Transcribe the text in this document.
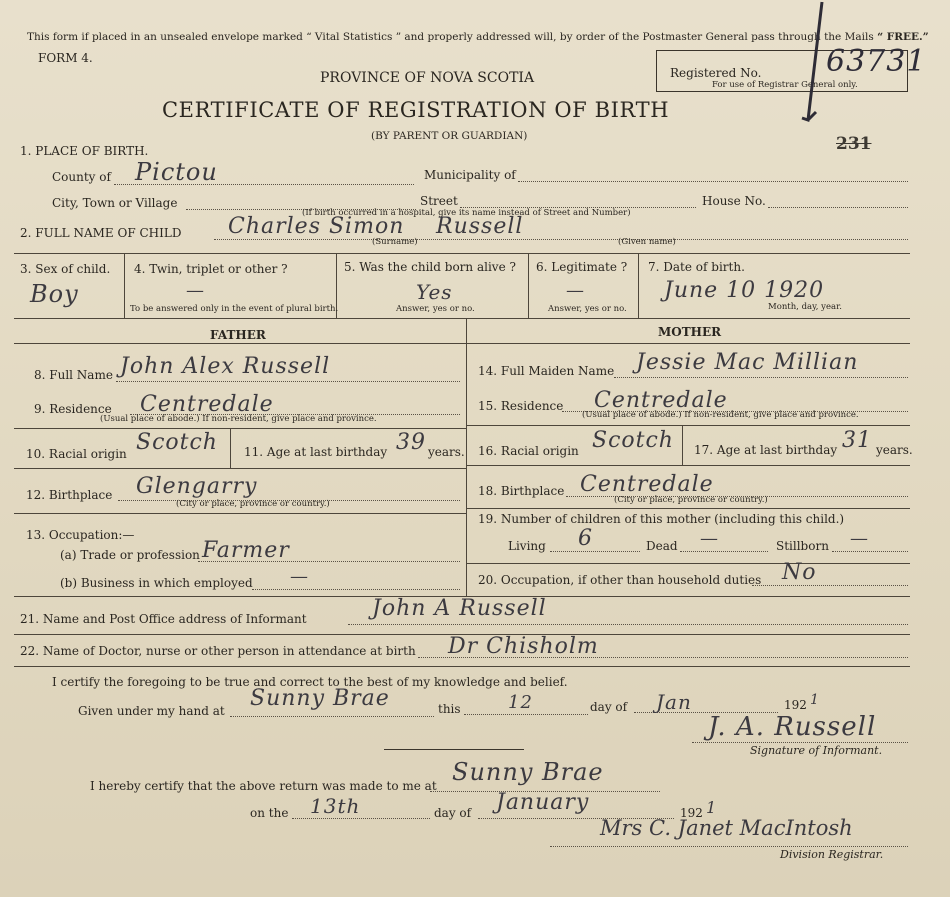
This form if placed in an unsealed envelope marked “ Vital Statistics ” and properly addressed will, by order of the Postmaster General pass through the Mails “ FREE.”
FORM 4.
PROVINCE OF NOVA SCOTIA
CERTIFICATE OF REGISTRATION OF BIRTH
(BY PARENT OR GUARDIAN)
Registered No.
For use of Registrar General only.
63731
231
1. PLACE OF BIRTH.
County of Pictou	Municipality of
City, Town or Village	Street	House No.
(If birth occurred in a hospital, give its name instead of Street and Number)
2. FULL NAME OF CHILD Charles Simon Russell
(Surname)	(Given name)
3. Sex of child.
Boy
4. Twin, triplet or other ?
—
To be answered only in the event of plural birth.
5. Was the child born alive ?
Yes
Answer, yes or no.
6. Legitimate ?
—
Answer, yes or no.
7. Date of birth.
June 10 1920
Month, day, year.
FATHER	MOTHER
8. Full Name John Alex Russell
9. Residence Centredale
(Usual place of abode.) If non-resident, give place and province.
10. Racial origin Scotch 11. Age at last birthday 39 years.
12. Birthplace Glengarry
(City or place, province or country.)
13. Occupation:—
(a) Trade or profession Farmer
(b) Business in which employed —
14. Full Maiden Name Jessie Mac Millian
15. Residence Centredale
(Usual place of abode.) If non-resident, give place and province.
16. Racial origin Scotch 17. Age at last birthday 31 years.
18. Birthplace Centredale
(City or place, province or country.)
19. Number of children of this mother (including this child.)
Living 6	Dead —	Stillborn —
20. Occupation, if other than household duties No
21. Name and Post Office address of Informant	John A Russell
22. Name of Doctor, nurse or other person in attendance at birth Dr Chisholm
I certify the foregoing to be true and correct to the best of my knowledge and belief.
Given under my hand at Sunny Brae	this	12	day of Jan	192 1
J. A. Russell
Signature of Informant.
I hereby certify that the above return was made to me at Sunny Brae
on the 13th	day of January	192 1
Mrs C. Janet MacIntosh
Division Registrar.
